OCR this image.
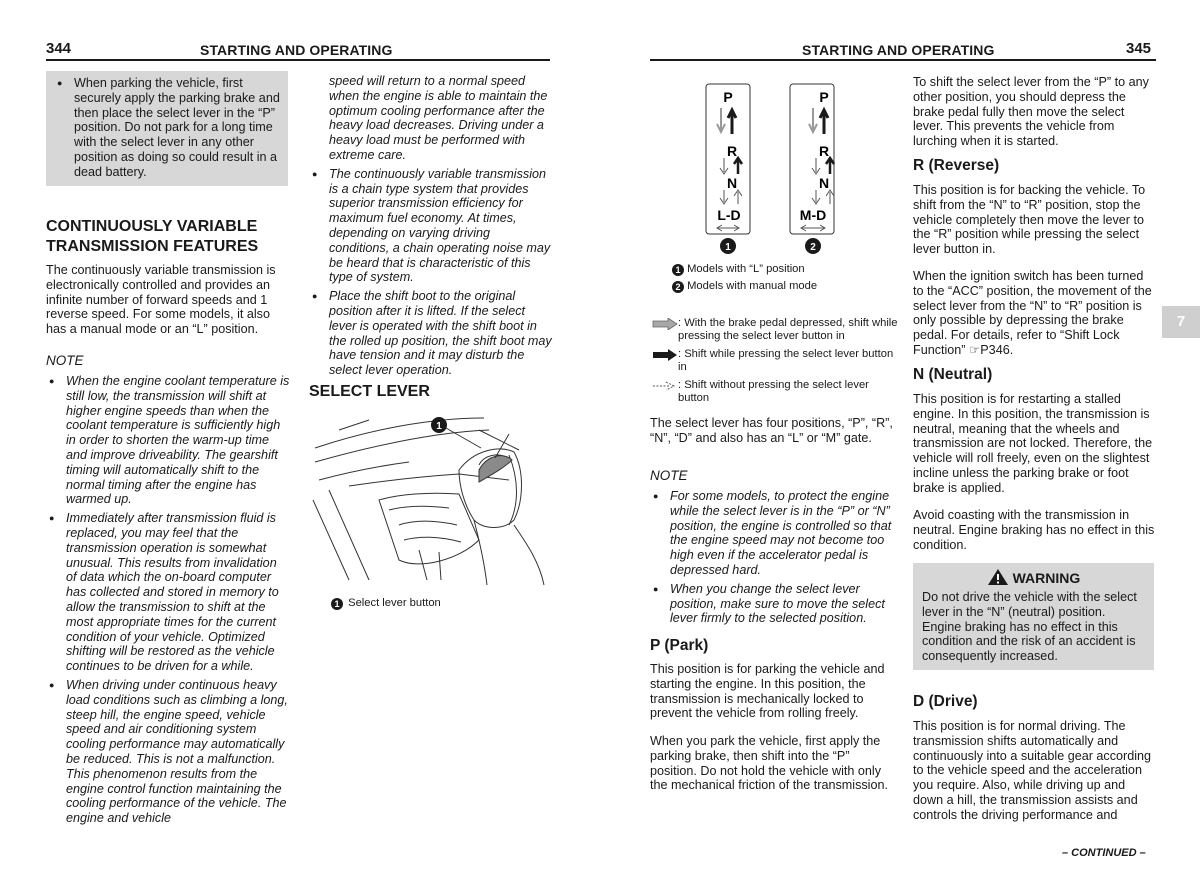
344	STARTING AND OPERATING
● When parking the vehicle, first securely apply the parking brake and then place the select lever in the “P” position. Do not park for a long time with the select lever in any other position as doing so could result in a dead battery.
CONTINUOUSLY VARIABLE
TRANSMISSION FEATURES
The continuously variable transmission is electronically controlled and provides an infinite number of forward speeds and 1 reverse speed. For some models, it also has a manual mode or an “L” position.
NOTE
● When the engine coolant temperature is still low, the transmission will shift at higher engine speeds than when the coolant temperature is sufficiently high in order to shorten the warm-up time and improve driveability. The gearshift timing will automatically shift to the normal timing after the engine has warmed up.
● Immediately after transmission fluid is replaced, you may feel that the transmission operation is somewhat unusual. This results from invalidation of data which the on-board computer has collected and stored in memory to allow the transmission to shift at the most appropriate times for the current condition of your vehicle. Optimized shifting will be restored as the vehicle continues to be driven for a while.
● When driving under continuous heavy load conditions such as climbing a long, steep hill, the engine speed, vehicle speed and air conditioning system cooling performance may automatically be reduced. This is not a malfunction. This phenomenon results from the engine control function maintaining the cooling performance of the vehicle. The engine and vehicle
speed will return to a normal speed when the engine is able to maintain the optimum cooling performance after the heavy load decreases. Driving under a heavy load must be performed with extreme care.
● The continuously variable transmission is a chain type system that provides superior transmission efficiency for maximum fuel economy. At times, depending on varying driving conditions, a chain operating noise may be heard that is characteristic of this type of system.
● Place the shift boot to the original position after it is lifted. If the select lever is operated with the shift boot in the rolled up position, the shift boot may have tension and it may disturb the select lever operation.
SELECT LEVER
1
1 Select lever button
STARTING AND OPERATING	345
7
P
R
N
L-D
1
P
R
N
M-D
2
1 Models with “L” position
2 Models with manual mode
: With the brake pedal depressed, shift while pressing the select lever button in
: Shift while pressing the select lever button in
: Shift without pressing the select lever button
The select lever has four positions, “P”, “R”, “N”, “D” and also has an “L” or “M” gate.
NOTE
● For some models, to protect the engine while the select lever is in the “P” or “N” position, the engine is controlled so that the engine speed may not become too high even if the accelerator pedal is depressed hard.
● When you change the select lever position, make sure to move the select lever firmly to the selected position.
P (Park)
This position is for parking the vehicle and starting the engine. In this position, the transmission is mechanically locked to prevent the vehicle from rolling freely.
When you park the vehicle, first apply the parking brake, then shift into the “P” position. Do not hold the vehicle with only the mechanical friction of the transmission.
To shift the select lever from the “P” to any other position, you should depress the brake pedal fully then move the select lever. This prevents the vehicle from lurching when it is started.
R (Reverse)
This position is for backing the vehicle. To shift from the “N” to “R” position, stop the vehicle completely then move the lever to the “R” position while pressing the select lever button in.
When the ignition switch has been turned to the “ACC” position, the movement of the select lever from the “N” to “R” position is only possible by depressing the brake pedal. For details, refer to “Shift Lock Function” ☞P346.
N (Neutral)
This position is for restarting a stalled engine. In this position, the transmission is neutral, meaning that the wheels and transmission are not locked. Therefore, the vehicle will roll freely, even on the slightest incline unless the parking brake or foot brake is applied.
Avoid coasting with the transmission in neutral. Engine braking has no effect in this condition.
WARNING
Do not drive the vehicle with the select lever in the “N” (neutral) position. Engine braking has no effect in this condition and the risk of an accident is consequently increased.
D (Drive)
This position is for normal driving. The transmission shifts automatically and continuously into a suitable gear according to the vehicle speed and the acceleration you require. Also, while driving up and down a hill, the transmission assists and controls the driving performance and
– CONTINUED –
